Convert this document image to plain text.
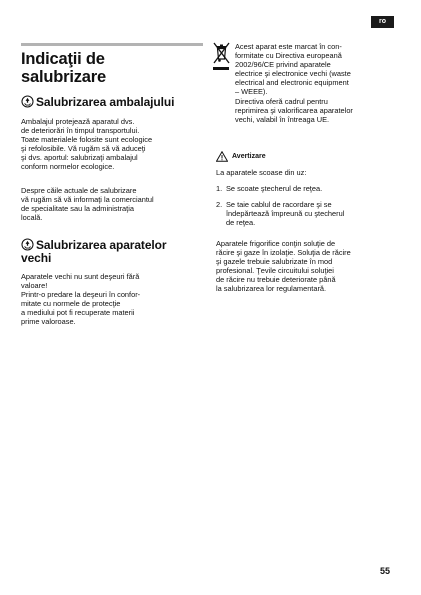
ro
Indicaţii de
salubrizare
Salubrizarea ambalajului
Ambalajul protejează aparatul dvs.
de deteriorări în timpul transportului.
Toate materialele folosite sunt ecologice
şi refolosibile. Vă rugăm să vă aduceţi
şi dvs. aportul: salubrizaţi ambalajul
conform normelor ecologice.
Despre căile actuale de salubrizare
vă rugăm să vă informaţi la comerciantul
de specialitate sau la administraţia
locală.
Salubrizarea aparatelor
vechi
Aparatele vechi nu sunt deşeuri fără
valoare!
Printr-o predare la deşeuri în confor-
mitate cu normele de protecţie
a mediului pot fi recuperate materii
prime valoroase.
Acest aparat este marcat în con-
formitate cu Directiva europeană
2002/96/CE privind aparatele
electrice şi electronice vechi (waste
electrical and electronic equipment
– WEEE).
Directiva oferă cadrul pentru
reprimirea şi valorificarea aparatelor
vechi, valabil în întreaga UE.
Avertizare
La aparatele scoase din uz:
1. Se scoate ştecherul de reţea.
2. Se taie cablul de racordare şi se
îndepărtează împreună cu ştecherul
de reţea.
Aparatele frigorifice conţin soluţie de
răcire şi gaze în izolaţie. Soluţia de răcire
şi gazele trebuie salubrizate în mod
profesional. Ţevile circuitului soluţiei
de răcire nu trebuie deteriorate până
la salubrizarea lor regulamentară.
55
